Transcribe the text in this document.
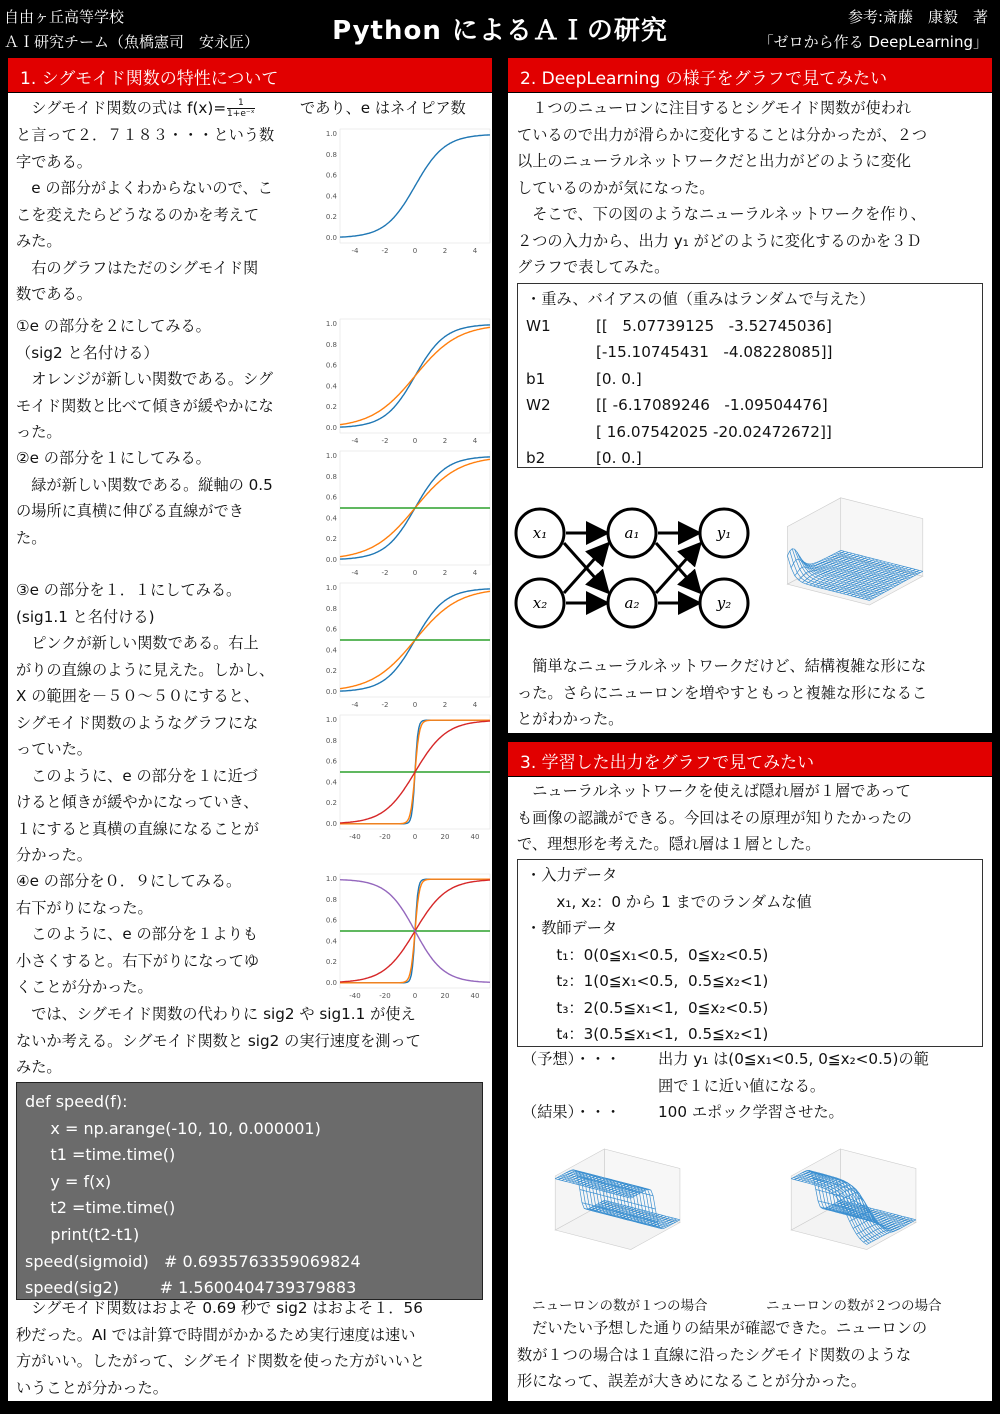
自由ヶ丘高等学校
ＡＩ研究チーム（魚橋憲司　安永匠）	Python によるＡＩの研究	参考:斎藤　康毅　著
「ゼロから作る DeepLearning」
1. シグモイド関数の特性について
　シグモイド関数の式は $f(x)= \frac{1}{\text{1+e⁻ˣ}}$	であり、e はネイピア数
と言って２．７１８３・・・という数
字である。
　e の部分がよくわからないので、こ
こを変えたらどうなるのかを考えて
みた。
　右のグラフはただのシグモイド関
数である。
①e の部分を２にしてみる。
（sig2 と名付ける）
　オレンジが新しい関数である。シグ
モイド関数と比べて傾きが緩やかにな
った。
②e の部分を１にしてみる。
　緑が新しい関数である。縦軸の 0.5
の場所に真横に伸びる直線ができ
た。
③e の部分を１．１にしてみる。
(sig1.1 と名付ける)
　ピンクが新しい関数である。右上
がりの直線のように見えた。しかし、
X の範囲を－５０～５０にすると、
シグモイド関数のようなグラフにな
っていた。
　このように、e の部分を１に近づ
けると傾きが緩やかになっていき、
１にすると真横の直線になることが
分かった。
④e の部分を０．９にしてみる。
右下がりになった。
　このように、e の部分を１よりも
小さくすると。右下がりになってゆ
くことが分かった。
　では、シグモイド関数の代わりに sig2 や sig1.1 が使え
ないか考える。シグモイド関数と sig2 の実行速度を測って
みた。
def speed(f):
x = np.arange(-10, 10, 0.000001)
t1 =time.time()
y = f(x)
t2 =time.time()
print(t2-t1)
speed(sigmoid)   # 0.6935763359069824
speed(sig2)        # 1.5600404739379883
　シグモイド関数はおよそ 0.69 秒で sig2 はおよそ１．56
秒だった。AI では計算で時間がかかるため実行速度は速い
方がいい。したがって、シグモイド関数を使った方がいいと
いうことが分かった。
1.0
0.8
0.6
0.4
0.2
0.0
-4	-2	0	2	4
1.0
0.8
0.6
0.4
0.2
0.0
-4	-2	0	2	4
1.0
0.8
0.6
0.4
0.2
0.0
-4	-2	0	2	4
1.0
0.8
0.6
0.4
0.2
0.0
-4	-2	0	2	4
1.0
0.8
0.6
0.4
0.2
0.0
-40	-20	0	20	40
1.0
0.8
0.6
0.4
0.2
0.0
-40	-20	0	20	40
2. DeepLearning の様子をグラフで見てみたい
　１つのニューロンに注目するとシグモイド関数が使われ
ているので出力が滑らかに変化することは分かったが、２つ
以上のニューラルネットワークだと出力がどのように変化
しているのかが気になった。
　そこで、下の図のようなニューラルネットワークを作り、
２つの入力から、出力 y₁ がどのように変化するのかを３Ｄ
グラフで表してみた。
・重み、バイアスの値（重みはランダムで与えた）
W1	[[   5.07739125   -3.52745036]
[-15.10745431   -4.08228085]]
b1	[0. 0.]
W2	[[ -6.17089246   -1.09504476]
[ 16.07542025 -20.02472672]]
b2	[0. 0.]
x₁
x₂
a₁
a₂
y₁
y₂
　簡単なニューラルネットワークだけど、結構複雑な形にな
った。さらにニューロンを増やすともっと複雑な形になるこ
とがわかった。
3. 学習した出力をグラフで見てみたい
　ニューラルネットワークを使えば隠れ層が１層であって
も画像の認識ができる。今回はその原理が知りたかったの
で、理想形を考えた。隠れ層は１層とした。
・入力データ
　　x₁, x₂：0 から 1 までのランダムな値
・教師データ
　　t₁：0(0≦x₁<0.5,  0≦x₂<0.5)
　　t₂：1(0≦x₁<0.5,  0.5≦x₂<1)
　　t₃：2(0.5≦x₁<1,  0≦x₂<0.5)
　　t₄：3(0.5≦x₁<1,  0.5≦x₂<1)
（予想）・・・	出力 y₁ は(0≦x₁<0.5, 0≦x₂<0.5)の範
囲で１に近い値になる。
（結果）・・・	100 エポック学習させた。
ニューロンの数が１つの場合	ニューロンの数が２つの場合
　だいたい予想した通りの結果が確認できた。ニューロンの
数が１つの場合は１直線に沿ったシグモイド関数のような
形になって、誤差が大きめになることが分かった。
